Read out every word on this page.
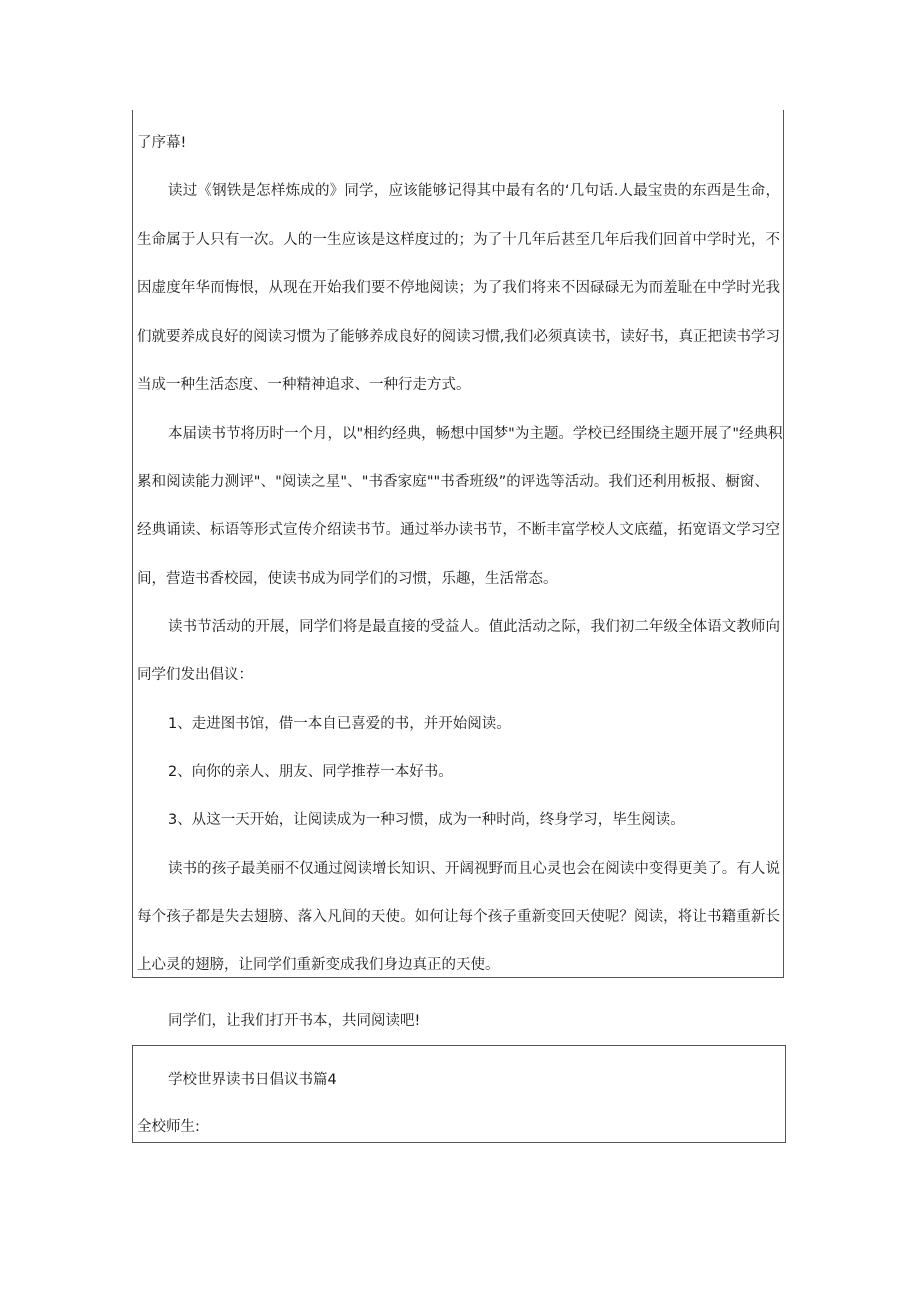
了序幕!
读过《钢铁是怎样炼成的》同学，应该能够记得其中最有名的‘几句话.人最宝贵的东西是生命，
生命属于人只有一次。人的一生应该是这样度过的；为了十几年后甚至几年后我们回首中学时光，不
因虚度年华而悔恨，从现在开始我们要不停地阅读；为了我们将来不因碌碌无为而羞耻在中学时光我
们就要养成良好的阅读习惯为了能够养成良好的阅读习惯,我们必须真读书，读好书，真正把读书学习
当成一种生活态度、一种精神追求、一种行走方式。
本届读书节将历时一个月，以"相约经典，畅想中国梦"为主题。学校已经围绕主题开展了"经典积
累和阅读能力测评"、"阅读之星"、"书香家庭""书香班级”的评选等活动。我们还利用板报、橱窗、
经典诵读、标语等形式宣传介绍读书节。通过举办读书节，不断丰富学校人文底蕴，拓宽语文学习空
间，营造书香校园，使读书成为同学们的习惯，乐趣，生活常态。
读书节活动的开展，同学们将是最直接的受益人。值此活动之际，我们初二年级全体语文教师向
同学们发出倡议：
1、走进图书馆，借一本自已喜爱的书，并开始阅读。
2、向你的亲人、朋友、同学推荐一本好书。
3、从这一天开始，让阅读成为一种习惯，成为一种时尚，终身学习，毕生阅读。
读书的孩子最美丽不仅通过阅读增长知识、开阔视野而且心灵也会在阅读中变得更美了。有人说
每个孩子都是失去翅膀、落入凡间的天使。如何让每个孩子重新变回天使呢？阅读，将让书籍重新长
上心灵的翅膀，让同学们重新变成我们身边真正的天使。
同学们，让我们打开书本，共同阅读吧!
学校世界读书日倡议书篇4
全校师生:
